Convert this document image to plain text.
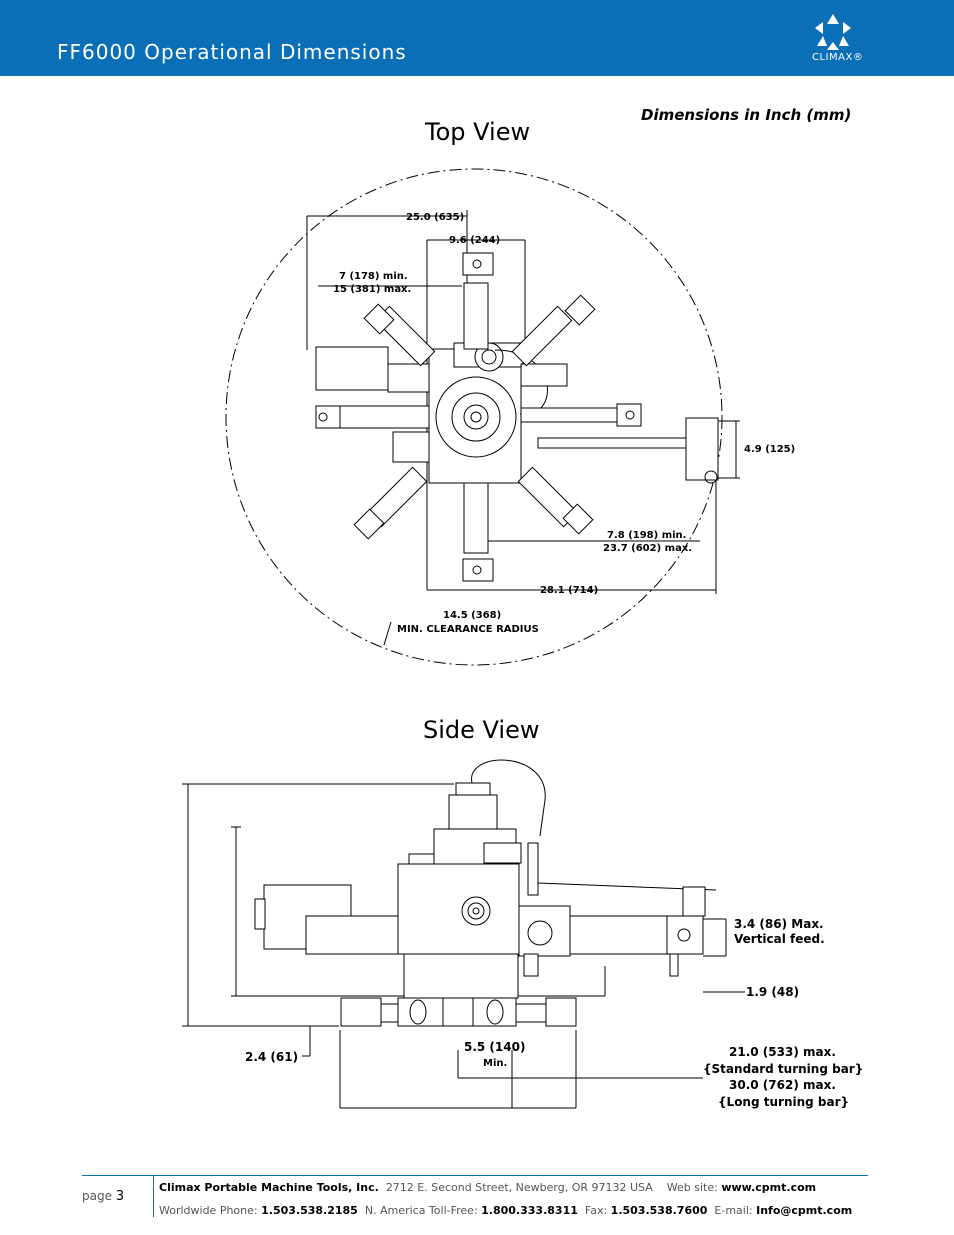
FF6000 Operational Dimensions	CLIMAX®
Dimensions in Inch (mm)
Top View
Side View
25.0 (635)
9.6 (244)
7 (178) min.
15 (381) max.
4.9 (125)
7.8 (198) min.
23.7 (602) max.
28.1 (714)
14.5 (368)
MIN. CLEARANCE RADIUS
3.4 (86) Max.
Vertical feed.
1.9 (48)
2.4 (61)
5.5 (140)
Min.
21.0 (533) max.
{Standard turning bar}
30.0 (762) max.
{Long turning bar}
page 3
Climax Portable Machine Tools, Inc. 2712 E. Second Street, Newberg, OR 97132 USA Web site: www.cpmt.com
Worldwide Phone: 1.503.538.2185 N. America Toll-Free: 1.800.333.8311 Fax: 1.503.538.7600 E-mail: Info@cpmt.com
